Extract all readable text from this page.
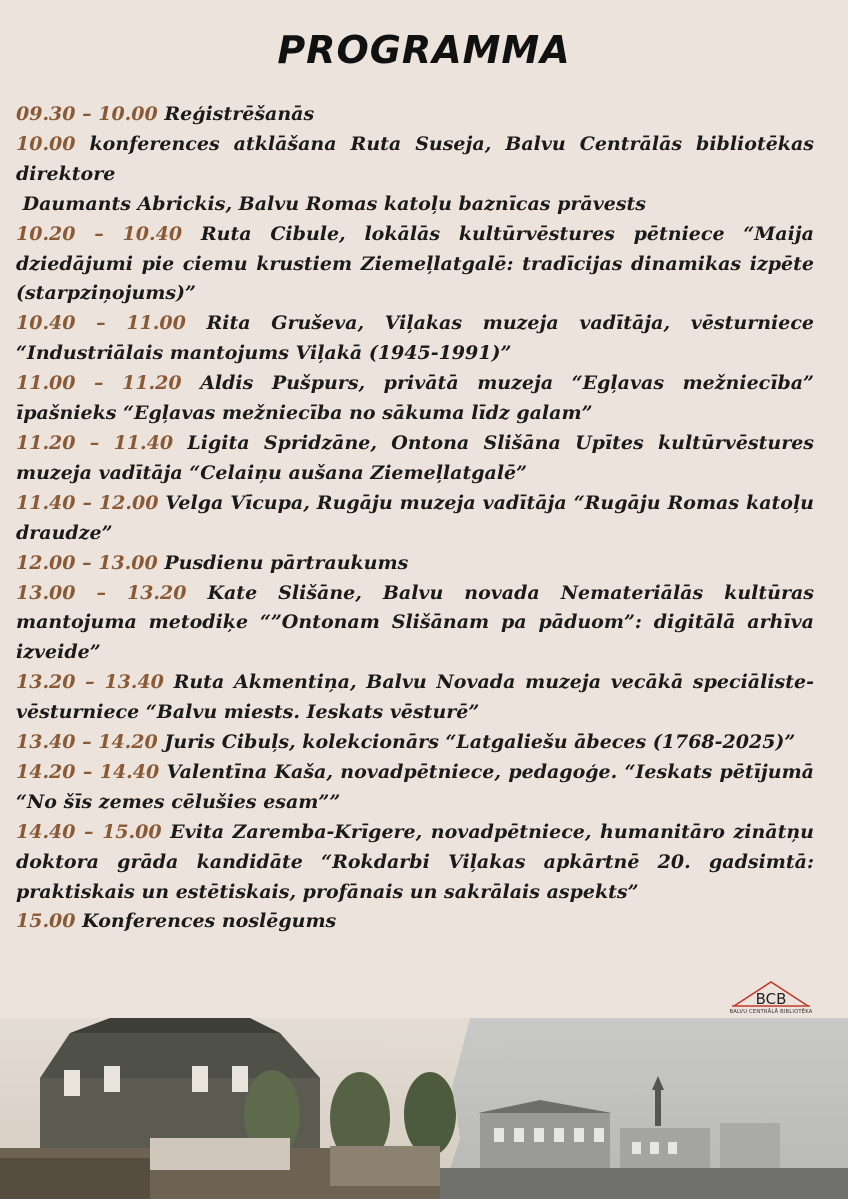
PROGRAMMA

09.30 – 10.00 Reģistrēšanās

10.00 konferences atklāšana Ruta Suseja, Balvu Centrālās bibliotēkas direktore

Daumants Abrickis, Balvu Romas katoļu baznīcas prāvests

10.20 – 10.40 Ruta Cibule, lokālās kultūrvēstures pētniece “Maija dziedājumi pie ciemu krustiem Ziemeļlatgalē: tradīcijas dinamikas izpēte (starpziņojums)”

10.40 – 11.00 Rita Gruševa, Viļakas muzeja vadītāja, vēsturniece “Industriālais mantojums Viļakā (1945-1991)”

11.00 – 11.20 Aldis Pušpurs, privātā muzeja “Egļavas mežniecība” īpašnieks “Egļavas mežniecība no sākuma līdz galam”

11.20 – 11.40 Ligita Spridzāne, Ontona Slišāna Upītes kultūrvēstures muzeja vadītāja “Celaiņu aušana Ziemeļlatgalē”

11.40 – 12.00 Velga Vīcupa, Rugāju muzeja vadītāja “Rugāju Romas katoļu draudze”

12.00 – 13.00 Pusdienu pārtraukums

13.00 – 13.20 Kate Slišāne, Balvu novada Nemateriālās kultūras mantojuma metodiķe “”Ontonam Slišānam pa pāduom”: digitālā arhīva izveide”

13.20 – 13.40 Ruta Akmentiņa, Balvu Novada muzeja vecākā speciāliste-vēsturniece “Balvu miests. Ieskats vēsturē”

13.40 – 14.20 Juris Cibuļs, kolekcionārs “Latgaliešu ābeces (1768-2025)”

14.20 – 14.40 Valentīna Kaša, novadpētniece, pedagoģe. “Ieskats pētījumā “No šīs zemes cēlušies esam””

14.40 – 15.00 Evita Zaremba-Krīgere, novadpētniece, humanitāro zinātņu doktora grāda kandidāte “Rokdarbi Viļakas apkārtnē 20. gadsimtā: praktiskais un estētiskais, profānais un sakrālais aspekts”

15.00 Konferences noslēgums

BCB
BALVU CENTRĀLĀ BIBLIOTĒKA
